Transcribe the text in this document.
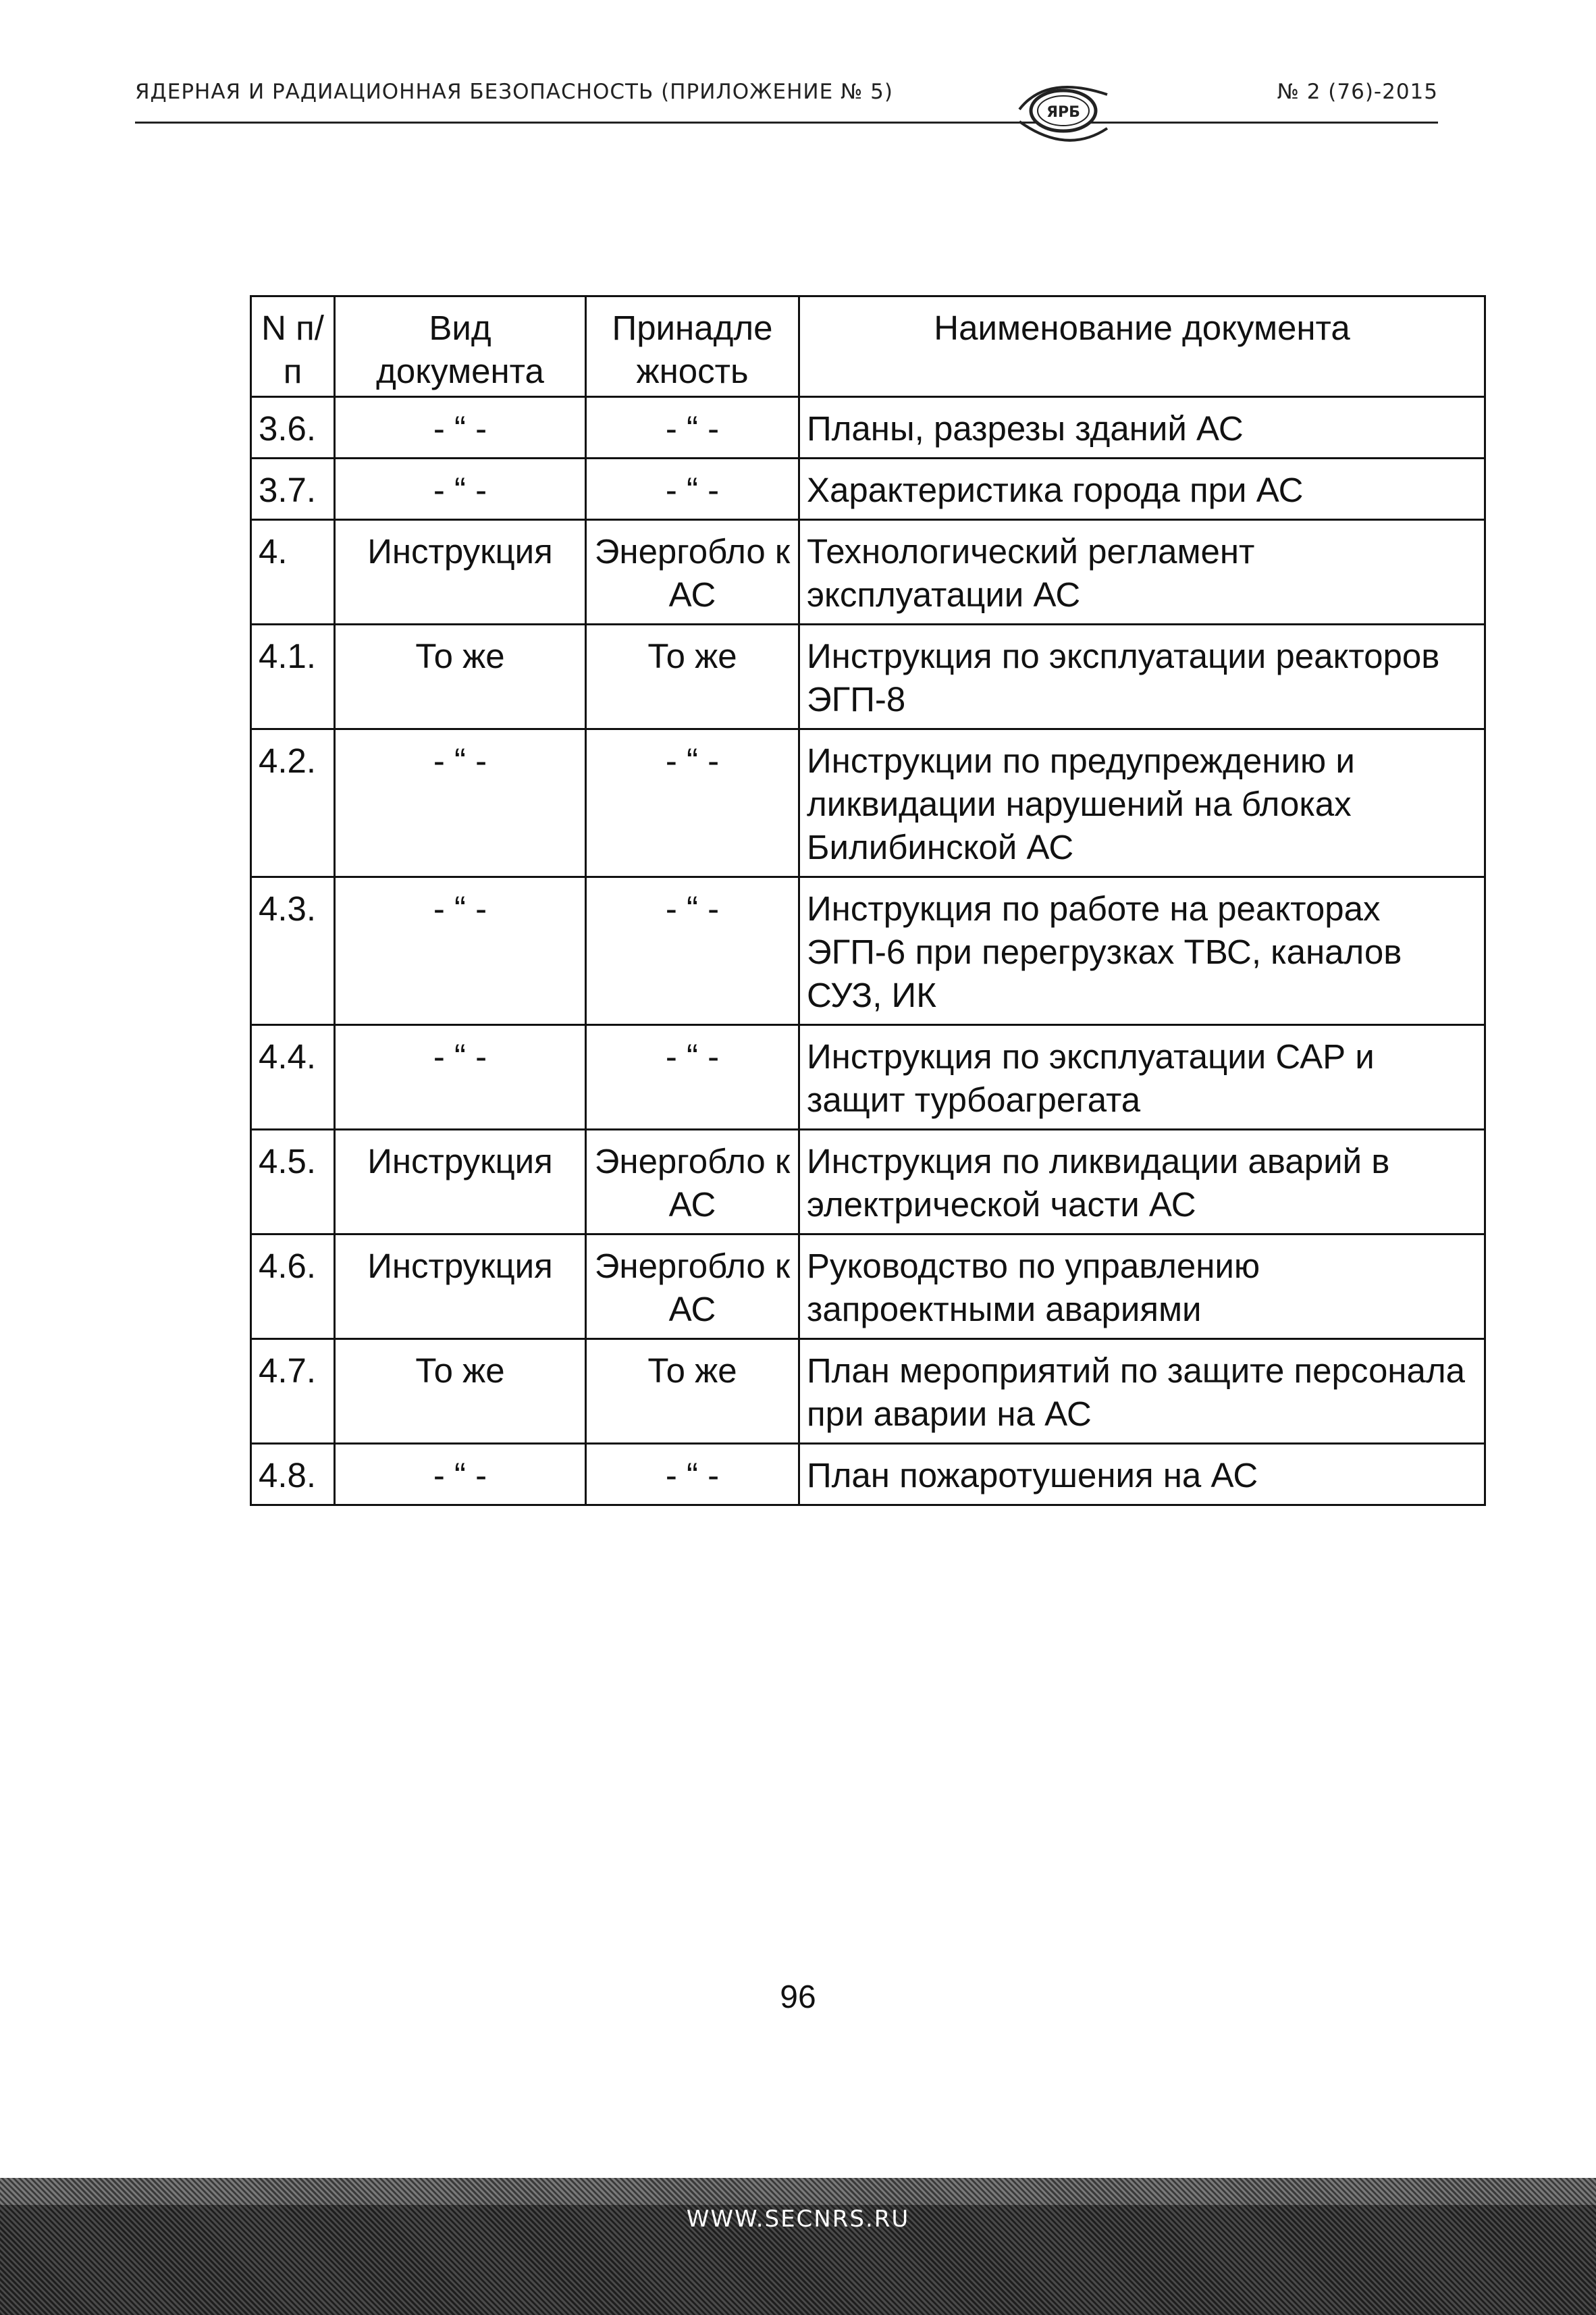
ЯДЕРНАЯ И РАДИАЦИОННАЯ БЕЗОПАСНОСТЬ (ПРИЛОЖЕНИЕ № 5)	№ 2 (76)-2015
ЯРБ
N п/п	Вид документа	Принадле жность	Наименование документа
3.6.	- “ -	- “ -	Планы, разрезы зданий АС
3.7.	- “ -	- “ -	Характеристика города при АС
4.	Инструкция	Энергобло к АС	Технологический регламент эксплуатации АС
4.1.	То же	То же	Инструкция по эксплуатации реакторов ЭГП-8
4.2.	- “ -	- “ -	Инструкции по предупреждению и ликвидации нарушений на блоках Билибинской АС
4.3.	- “ -	- “ -	Инструкция по работе на реакторах ЭГП-6 при перегрузках ТВС, каналов СУЗ, ИК
4.4.	- “ -	- “ -	Инструкция по эксплуатации САР и защит турбоагрегата
4.5.	Инструкция	Энергобло к АС	Инструкция по ликвидации аварий в электрической части АС
4.6.	Инструкция	Энергобло к АС	Руководство по управлению запроектными авариями
4.7.	То же	То же	План мероприятий по защите персонала при аварии на АС
4.8.	- “ -	- “ -	План пожаротушения на АС
96
WWW.SECNRS.RU
